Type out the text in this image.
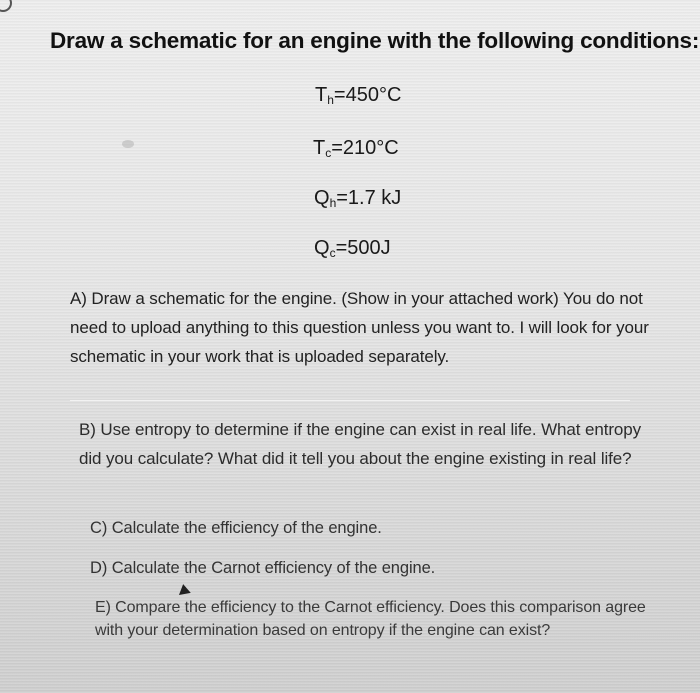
Draw a schematic for an engine with the following conditions:
$T_h=450^\circ C$
$T_c=210^\circ C$
$Q_h=1.7$ kJ
$Q_c=500J$
A) Draw a schematic for the engine. (Show in your attached work) You do not need to upload anything to this question unless you want to. I will look for your schematic in your work that is uploaded separately.
B) Use entropy to determine if the engine can exist in real life. What entropy did you calculate? What did it tell you about the engine existing in real life?
C) Calculate the efficiency of the engine.
D) Calculate the Carnot efficiency of the engine.
E) Compare the efficiency to the Carnot efficiency. Does this comparison agree with your determination based on entropy if the engine can exist?
